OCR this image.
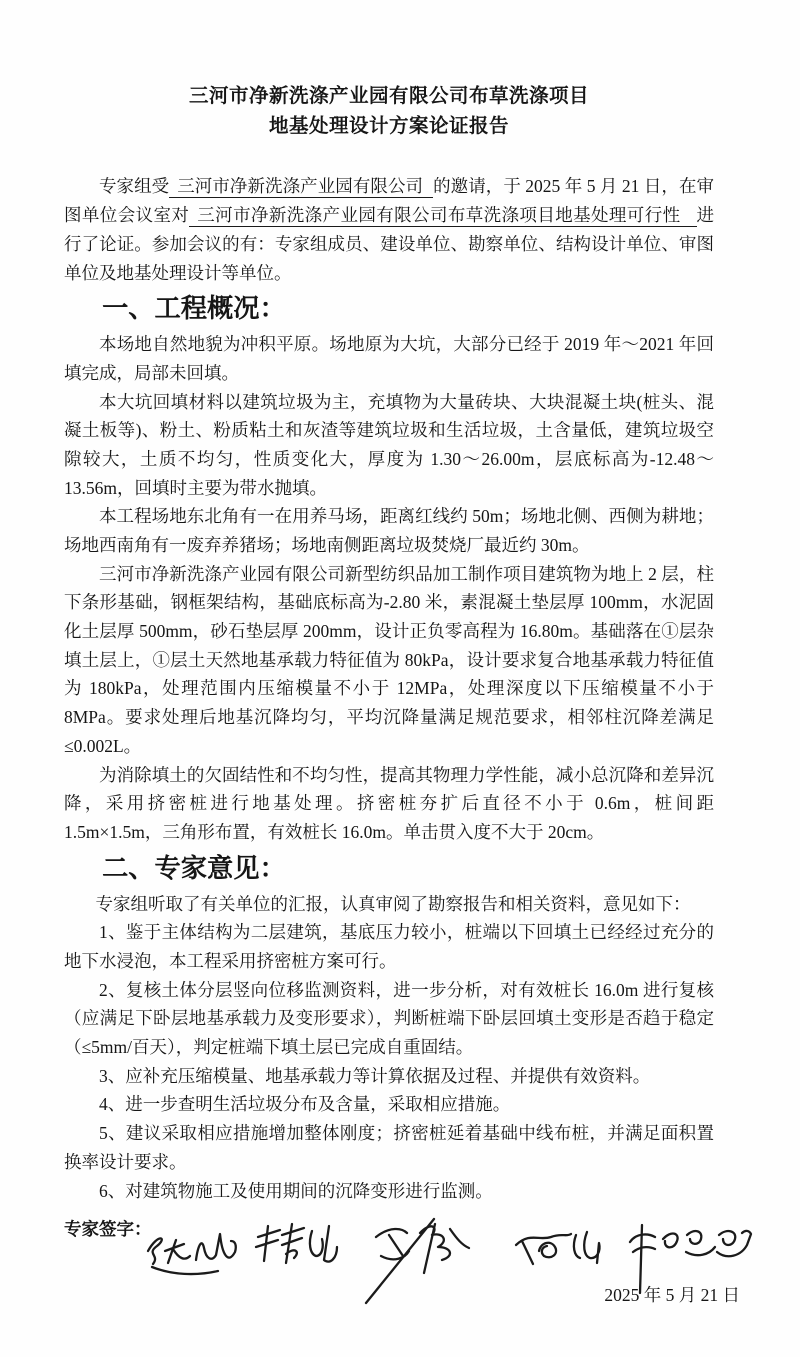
三河市净新洗涤产业园有限公司布草洗涤项目
地基处理设计方案论证报告

专家组受 三河市净新洗涤产业园有限公司 的邀请，于 2025 年 5 月 21 日，在审图单位会议室对 三河市净新洗涤产业园有限公司布草洗涤项目地基处理可行性 进行了论证。参加会议的有：专家组成员、建设单位、勘察单位、结构设计单位、审图单位及地基处理设计等单位。

一、工程概况：

本场地自然地貌为冲积平原。场地原为大坑，大部分已经于 2019 年～2021 年回填完成，局部未回填。

本大坑回填材料以建筑垃圾为主，充填物为大量砖块、大块混凝土块(桩头、混凝土板等)、粉土、粉质粘土和灰渣等建筑垃圾和生活垃圾，土含量低，建筑垃圾空隙较大，土质不均匀，性质变化大，厚度为 1.30～26.00m，层底标高为-12.48～13.56m，回填时主要为带水抛填。

本工程场地东北角有一在用养马场，距离红线约 50m；场地北侧、西侧为耕地；场地西南角有一废弃养猪场；场地南侧距离垃圾焚烧厂最近约 30m。

三河市净新洗涤产业园有限公司新型纺织品加工制作项目建筑物为地上 2 层，柱下条形基础，钢框架结构，基础底标高为-2.80 米，素混凝土垫层厚 100mm，水泥固化土层厚 500mm，砂石垫层厚 200mm，设计正负零高程为 16.80m。基础落在①层杂填土层上，①层土天然地基承载力特征值为 80kPa，设计要求复合地基承载力特征值为 180kPa，处理范围内压缩模量不小于 12MPa，处理深度以下压缩模量不小于 8MPa。要求处理后地基沉降均匀，平均沉降量满足规范要求，相邻柱沉降差满足≤0.002L。

为消除填土的欠固结性和不均匀性，提高其物理力学性能，减小总沉降和差异沉降，采用挤密桩进行地基处理。挤密桩夯扩后直径不小于 0.6m，桩间距 1.5m×1.5m，三角形布置，有效桩长 16.0m。单击贯入度不大于 20cm。

二、专家意见：

专家组听取了有关单位的汇报，认真审阅了勘察报告和相关资料，意见如下：

1、鉴于主体结构为二层建筑，基底压力较小，桩端以下回填土已经经过充分的地下水浸泡，本工程采用挤密桩方案可行。

2、复核土体分层竖向位移监测资料，进一步分析，对有效桩长 16.0m 进行复核（应满足下卧层地基承载力及变形要求），判断桩端下卧层回填土变形是否趋于稳定（≤5mm/百天），判定桩端下填土层已完成自重固结。

3、应补充压缩模量、地基承载力等计算依据及过程、并提供有效资料。

4、进一步查明生活垃圾分布及含量，采取相应措施。

5、建议采取相应措施增加整体刚度；挤密桩延着基础中线布桩，并满足面积置换率设计要求。

6、对建筑物施工及使用期间的沉降变形进行监测。

专家签字：
2025 年 5 月 21 日
